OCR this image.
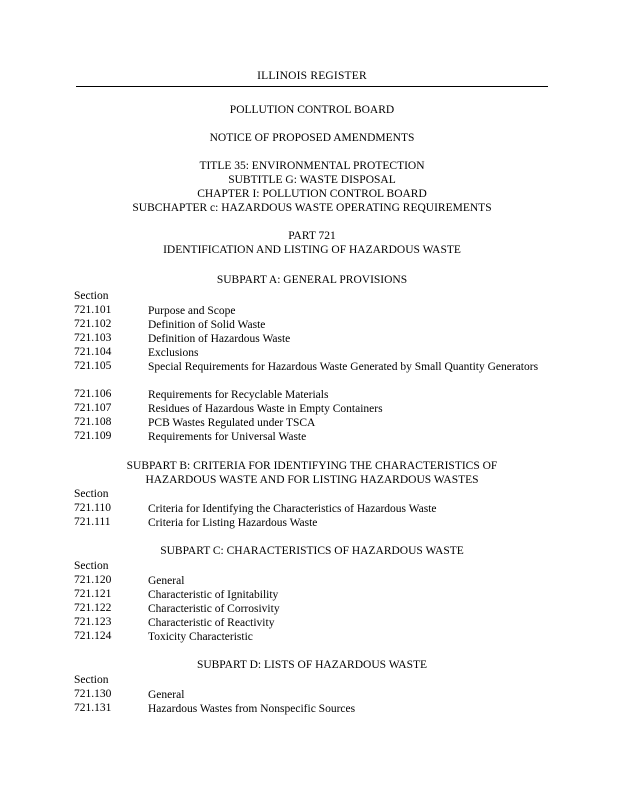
ILLINOIS REGISTER
POLLUTION CONTROL BOARD
NOTICE OF PROPOSED AMENDMENTS
TITLE 35: ENVIRONMENTAL PROTECTION
SUBTITLE G: WASTE DISPOSAL
CHAPTER I: POLLUTION CONTROL BOARD
SUBCHAPTER c: HAZARDOUS WASTE OPERATING REQUIREMENTS
PART 721
IDENTIFICATION AND LISTING OF HAZARDOUS WASTE
SUBPART A: GENERAL PROVISIONS
Section
721.101	Purpose and Scope
721.102	Definition of Solid Waste
721.103	Definition of Hazardous Waste
721.104	Exclusions
721.105	Special Requirements for Hazardous Waste Generated by Small Quantity Generators
721.106	Requirements for Recyclable Materials
721.107	Residues of Hazardous Waste in Empty Containers
721.108	PCB Wastes Regulated under TSCA
721.109	Requirements for Universal Waste
SUBPART B: CRITERIA FOR IDENTIFYING THE CHARACTERISTICS OF
HAZARDOUS WASTE AND FOR LISTING HAZARDOUS WASTES
Section
721.110	Criteria for Identifying the Characteristics of Hazardous Waste
721.111	Criteria for Listing Hazardous Waste
SUBPART C: CHARACTERISTICS OF HAZARDOUS WASTE
Section
721.120	General
721.121	Characteristic of Ignitability
721.122	Characteristic of Corrosivity
721.123	Characteristic of Reactivity
721.124	Toxicity Characteristic
SUBPART D: LISTS OF HAZARDOUS WASTE
Section
721.130	General
721.131	Hazardous Wastes from Nonspecific Sources
